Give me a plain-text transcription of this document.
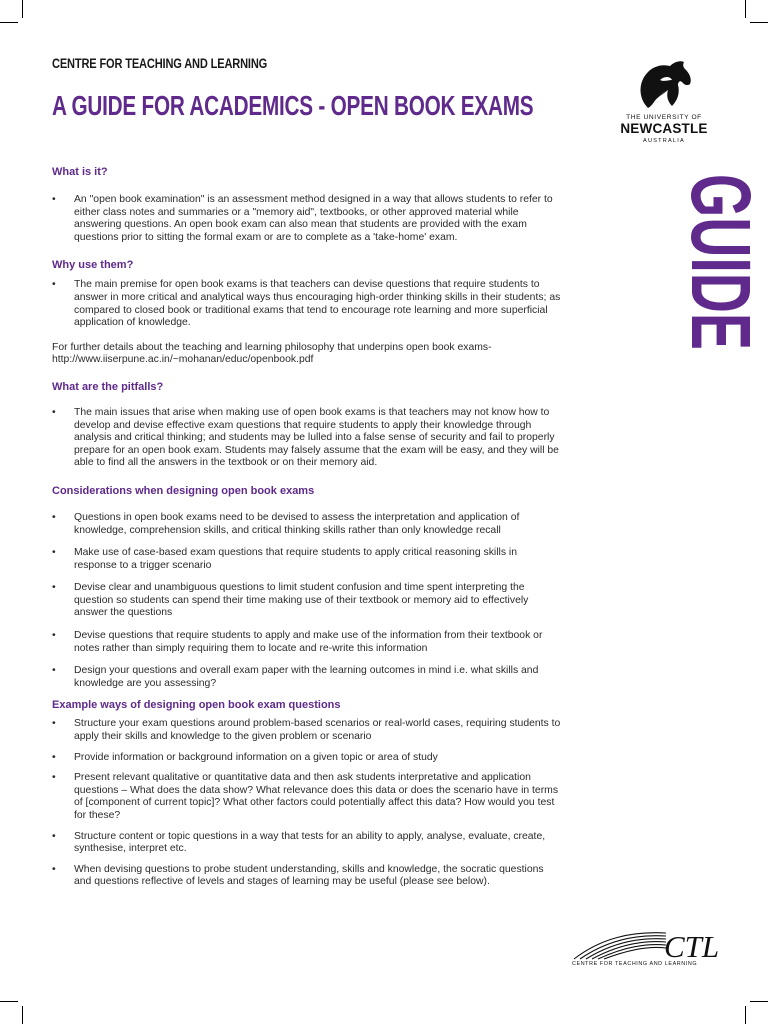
CENTRE FOR TEACHING AND LEARNING
A GUIDE FOR ACADEMICS - OPEN BOOK EXAMS	THE UNIVERSITY OF
NEWCASTLE
AUSTRALIA
GUIDE
What is it?
• An "open book examination" is an assessment method designed in a way that allows students to refer to either class notes and summaries or a "memory aid", textbooks, or other approved material while answering questions. An open book exam can also mean that students are provided with the exam questions prior to sitting the formal exam or are to complete as a 'take-home' exam.
Why use them?
• The main premise for open book exams is that teachers can devise questions that require students to answer in more critical and analytical ways thus encouraging high-order thinking skills in their students; as compared to closed book or traditional exams that tend to encourage rote learning and more superficial application of knowledge.

For further details about the teaching and learning philosophy that underpins open book exams-

http://www.iiserpune.ac.in/~mohanan/educ/openbook.pdf

What are the pitfalls?
• The main issues that arise when making use of open book exams is that teachers may not know how to develop and devise effective exam questions that require students to apply their knowledge through analysis and critical thinking; and students may be lulled into a false sense of security and fail to properly prepare for an open book exam. Students may falsely assume that the exam will be easy, and they will be able to find all the answers in the textbook or on their memory aid.
Considerations when designing open book exams
• Questions in open book exams need to be devised to assess the interpretation and application of knowledge, comprehension skills, and critical thinking skills rather than only knowledge recall
• Make use of case-based exam questions that require students to apply critical reasoning skills in response to a trigger scenario
• Devise clear and unambiguous questions to limit student confusion and time spent interpreting the question so students can spend their time making use of their textbook or memory aid to effectively answer the questions
• Devise questions that require students to apply and make use of the information from their textbook or notes rather than simply requiring them to locate and re-write this information
• Design your questions and overall exam paper with the learning outcomes in mind i.e. what skills and knowledge are you assessing?
Example ways of designing open book exam questions
• Structure your exam questions around problem-based scenarios or real-world cases, requiring students to apply their skills and knowledge to the given problem or scenario
• Provide information or background information on a given topic or area of study
• Present relevant qualitative or quantitative data and then ask students interpretative and application questions – What does the data show? What relevance does this data or does the scenario have in terms of [component of current topic]? What other factors could potentially affect this data? How would you test for these?
• Structure content or topic questions in a way that tests for an ability to apply, analyse, evaluate, create, synthesise, interpret etc.
• When devising questions to probe student understanding, skills and knowledge, the socratic questions and questions reflective of levels and stages of learning may be useful (please see below).
CTL
CENTRE FOR TEACHING AND LEARNING
